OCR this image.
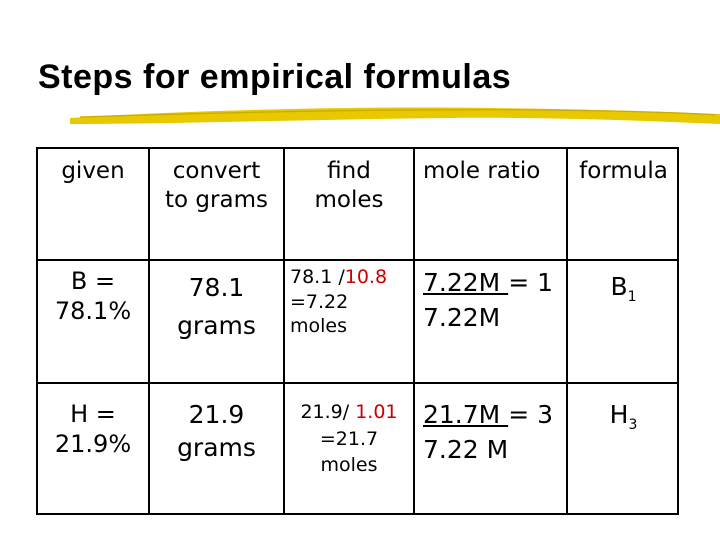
Steps for empirical formulas
given	convert
to grams
find
moles
mole ratio	formula
B =
78.1%
78.1
grams
78.1 /10.8
=7.22
moles
7.22M = 1
7.22M
$B_1$
H =
21.9%
21.9
grams
21.9/ 1.01
=21.7
moles
21.7M = 3
7.22 M
$H_3$
